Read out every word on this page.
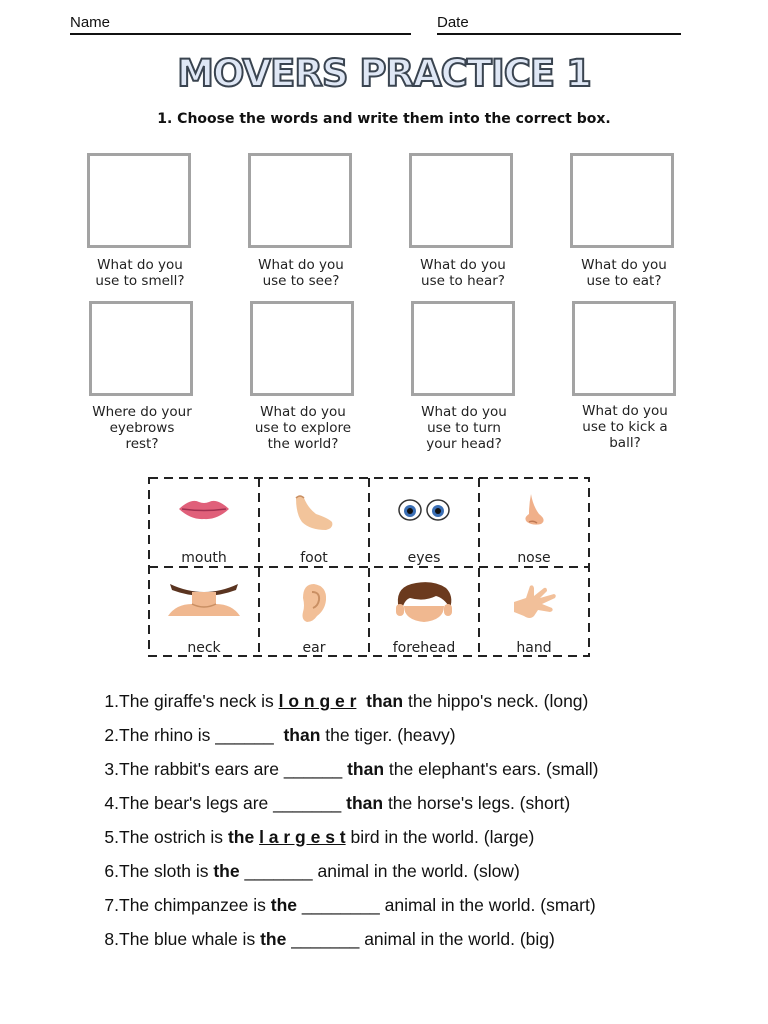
Name	Date
MOVERS PRACTICE 1
1. Choose the words and write them into the correct box.
What do you
use to smell?
What do you
use to see?
What do you
use to hear?
What do you
use to eat?
Where do your
eyebrows
rest?
What do you
use to explore
the world?
What do you
use to turn
your head?
What do you
use to kick a
ball?
mouth	foot	eyes	nose
neck	ear	forehead	hand
1.The giraffe's neck is l o n g e r than the hippo's neck. (long)
2.The rhino is ______  than the tiger. (heavy)
3.The rabbit's ears are ______ than the elephant's ears. (small)
4.The bear's legs are _______ than the horse's legs. (short)
5.The ostrich is the l a r g e s t bird in the world. (large)
6.The sloth is the _______ animal in the world. (slow)
7.The chimpanzee is the ________ animal in the world. (smart)
8.The blue whale is the _______ animal in the world. (big)
